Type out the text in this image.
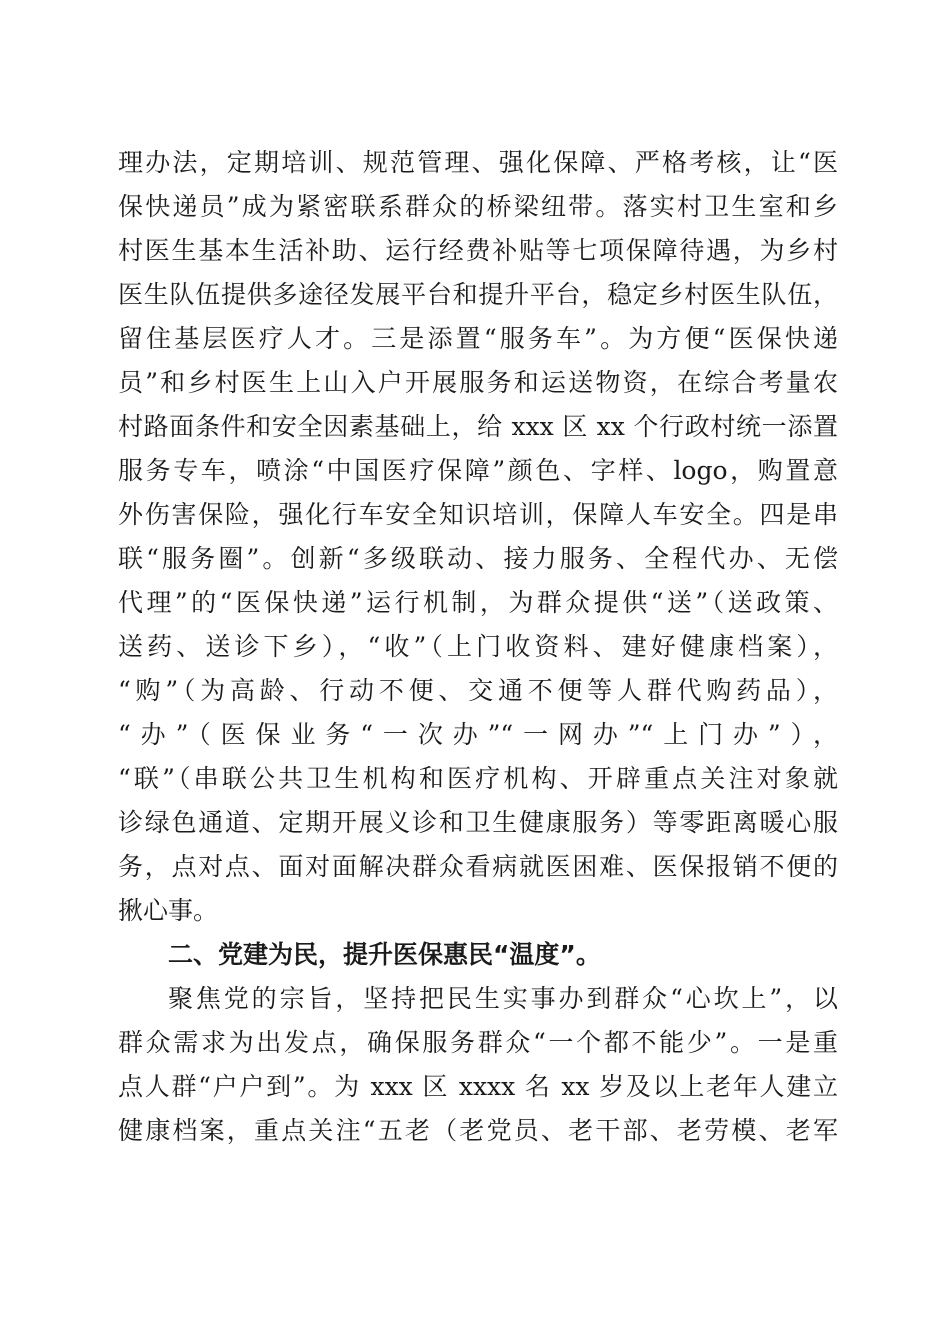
理办法，定期培训、规范管理、强化保障、严格考核，让“医
保快递员”成为紧密联系群众的桥梁纽带。落实村卫生室和乡
村医生基本生活补助、运行经费补贴等七项保障待遇，为乡村
医生队伍提供多途径发展平台和提升平台，稳定乡村医生队伍，
留住基层医疗人才。三是添置“服务车”。为方便“医保快递
员”和乡村医生上山入户开展服务和运送物资，在综合考量农
村路面条件和安全因素基础上，给 xxx 区 xx 个行政村统一添置
服务专车，喷涂“中国医疗保障”颜色、字样、logo，购置意
外伤害保险，强化行车安全知识培训，保障人车安全。四是串
联“服务圈”。创新“多级联动、接力服务、全程代办、无偿
代理”的“医保快递”运行机制，为群众提供“送”（送政策、
送药、送诊下乡），“收”（上门收资料、建好健康档案），
“购”（为高龄、行动不便、交通不便等人群代购药品），
“办”（医保业务“一次办”“一网办”“上门办”），
“联”（串联公共卫生机构和医疗机构、开辟重点关注对象就
诊绿色通道、定期开展义诊和卫生健康服务）等零距离暖心服
务，点对点、面对面解决群众看病就医困难、医保报销不便的
揪心事。
二、党建为民，提升医保惠民“温度”。
聚焦党的宗旨，坚持把民生实事办到群众“心坎上”，以
群众需求为出发点，确保服务群众“一个都不能少”。一是重
点人群“户户到”。为 xxx 区 xxxx 名 xx 岁及以上老年人建立
健康档案，重点关注“五老（老党员、老干部、老劳模、老军
